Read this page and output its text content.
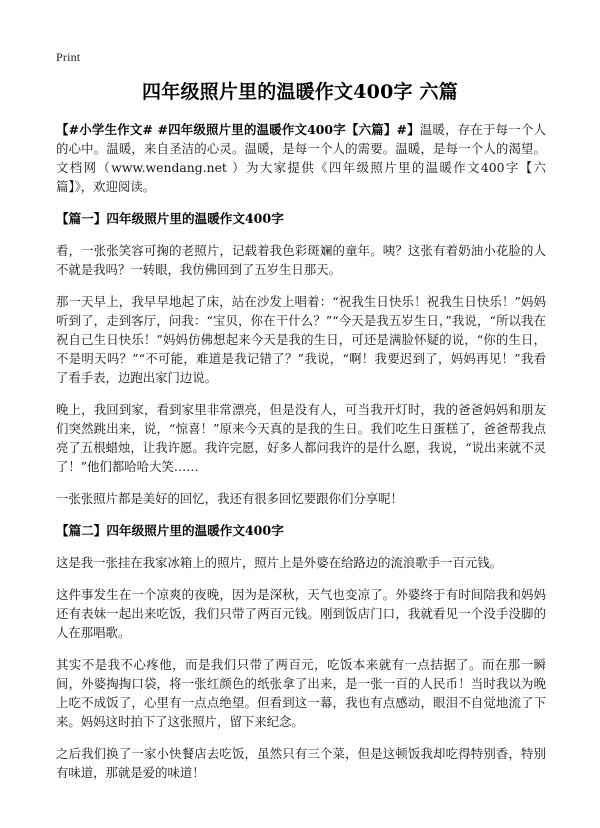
Print
四年级照片里的温暖作文400字 六篇

【#小学生作文# #四年级照片里的温暖作文400字【六篇】#】温暖，存在于每一个人的心中。温暖，来自圣洁的心灵。温暖，是每一个人的需要。温暖，是每一个人的渴望。文档网（www.wendang.net ）为大家提供《四年级照片里的温暖作文400字【六篇】》，欢迎阅读。

【篇一】四年级照片里的温暖作文400字

看，一张张笑容可掬的老照片，记载着我色彩斑斓的童年。咦？这张有着奶油小花脸的人不就是我吗？一转眼，我仿佛回到了五岁生日那天。

那一天早上，我早早地起了床，站在沙发上唱着：“祝我生日快乐！祝我生日快乐！”妈妈听到了，走到客厅，问我：“宝贝，你在干什么？”“今天是我五岁生日，”我说，“所以我在祝自己生日快乐！”妈妈仿佛想起来今天是我的生日，可还是满脸怀疑的说，“你的生日，不是明天吗？”“不可能，难道是我记错了？”我说，“啊！我要迟到了，妈妈再见！”我看了看手表，边跑出家门边说。

晚上，我回到家，看到家里非常漂亮，但是没有人，可当我开灯时，我的爸爸妈妈和朋友们突然跳出来，说，“惊喜！”原来今天真的是我的生日。我们吃生日蛋糕了，爸爸帮我点亮了五根蜡烛，让我许愿。我许完愿，好多人都问我许的是什么愿，我说，“说出来就不灵了！”他们都哈哈大笑……

一张张照片都是美好的回忆，我还有很多回忆要跟你们分享呢！

【篇二】四年级照片里的温暖作文400字

这是我一张挂在我家冰箱上的照片，照片上是外婆在给路边的流浪歌手一百元钱。

这件事发生在一个凉爽的夜晚，因为是深秋，天气也变凉了。外婆终于有时间陪我和妈妈还有表妹一起出来吃饭，我们只带了两百元钱。刚到饭店门口，我就看见一个没手没脚的人在那唱歌。

其实不是我不心疼他，而是我们只带了两百元，吃饭本来就有一点拮据了。而在那一瞬间，外婆掏掏口袋，将一张红颜色的纸张拿了出来，是一张一百的人民币！当时我以为晚上吃不成饭了，心里有一点点绝望。但看到这一幕，我也有点感动，眼泪不自觉地流了下来。妈妈这时拍下了这张照片，留下来纪念。

之后我们换了一家小快餐店去吃饭，虽然只有三个菜，但是这顿饭我却吃得特别香，特别有味道，那就是爱的味道！
